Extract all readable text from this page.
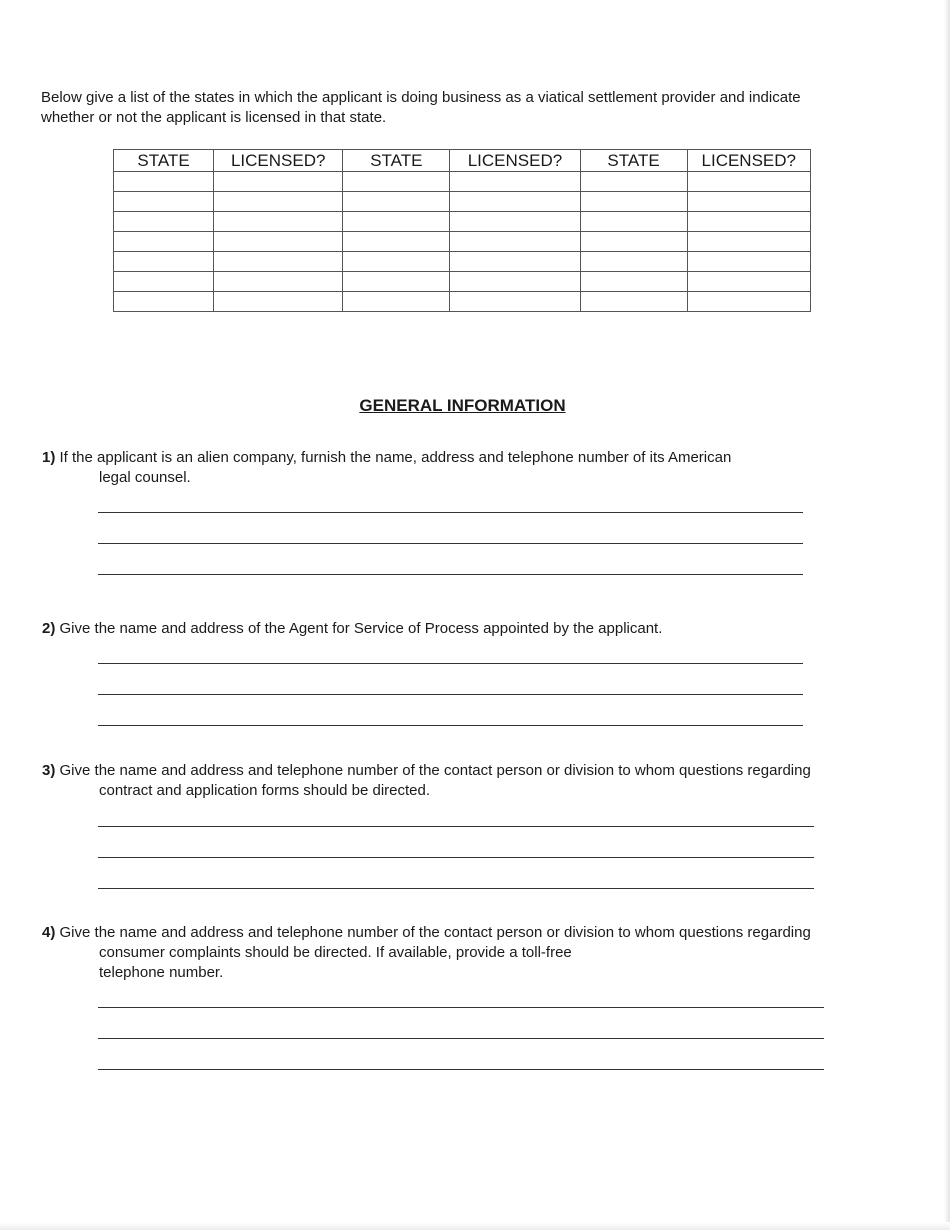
Below give a list of the states in which the applicant is doing business as a viatical settlement provider and indicate whether or not the applicant is licensed in that state.

STATE	LICENSED?	STATE	LICENSED?	STATE	LICENSED?

GENERAL INFORMATION

1) If the applicant is an alien company, furnish the name, address and telephone number of its American
legal counsel.

2) Give the name and address of the Agent for Service of Process appointed by the applicant.

3) Give the name and address and telephone number of the contact person or division to whom questions regarding
contract and application forms should be directed.

4) Give the name and address and telephone number of the contact person or division to whom questions regarding
consumer complaints should be directed. If available, provide a toll-free
telephone number.
